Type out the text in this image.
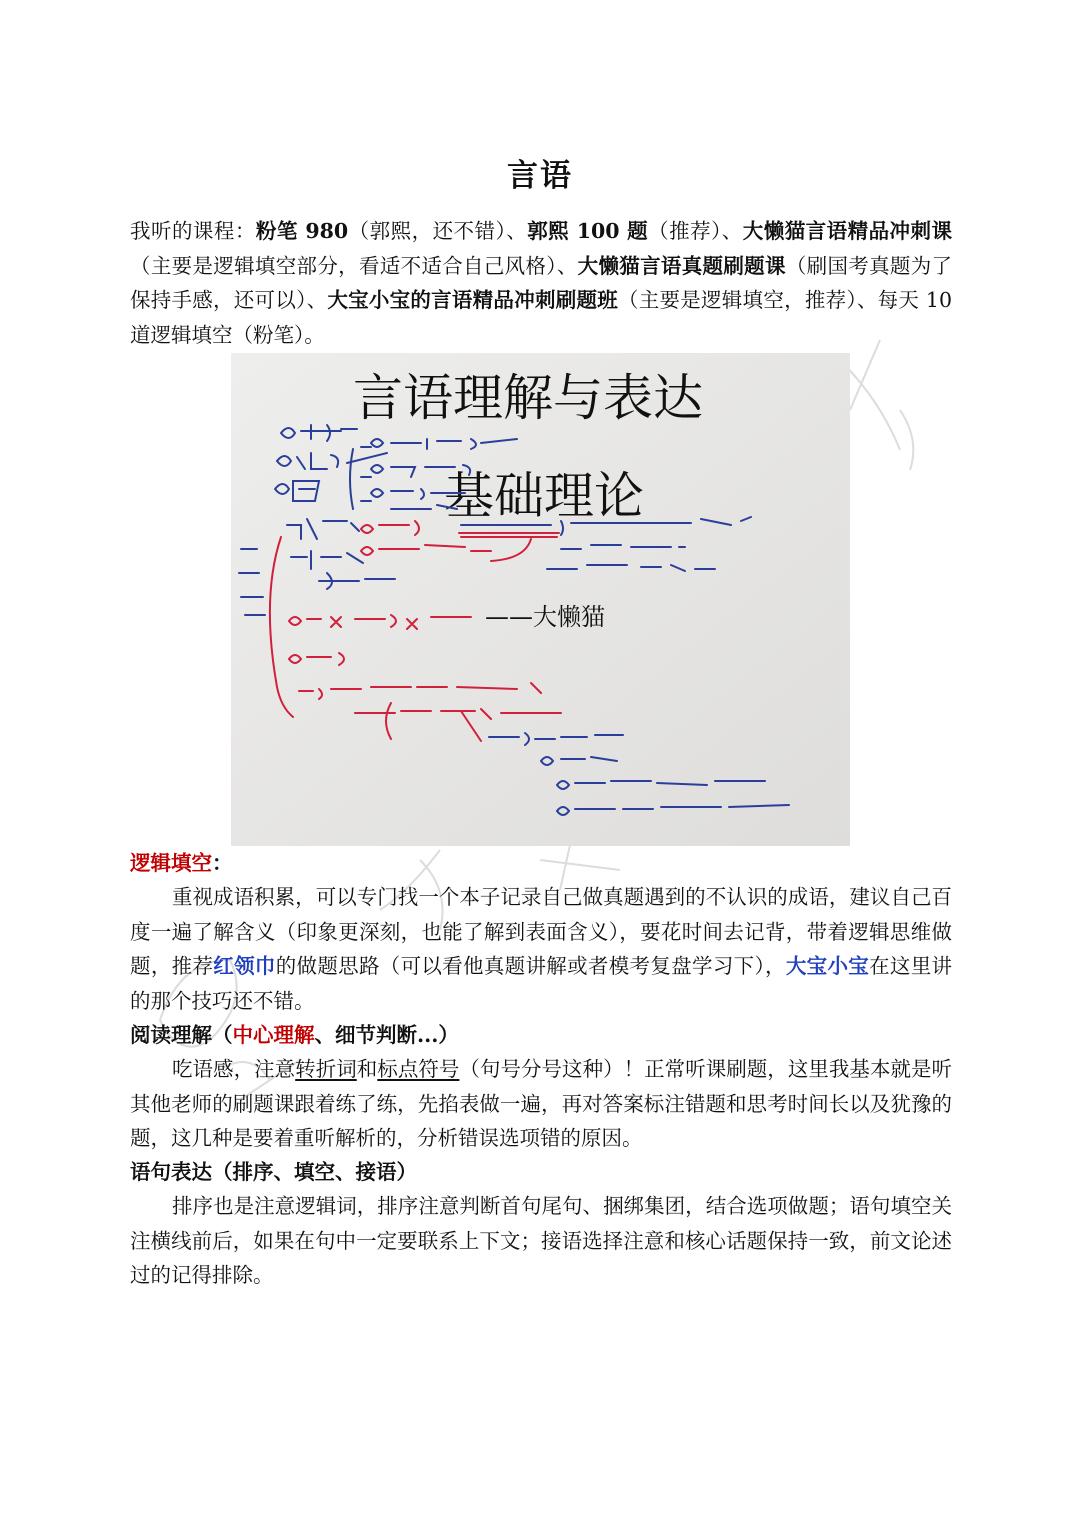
言语
我听的课程：粉笔 980（郭熙，还不错）、郭熙 100 题（推荐）、大懒猫言语精品冲刺课（主要是逻辑填空部分，看适不适合自己风格）、大懒猫言语真题刷题课（刷国考真题为了保持手感，还可以）、大宝小宝的言语精品冲刺刷题班（主要是逻辑填空，推荐）、每天 10 道逻辑填空（粉笔）。
言语理解与表达
基础理论
——大懒猫
逻辑填空：
重视成语积累，可以专门找一个本子记录自己做真题遇到的不认识的成语，建议自己百度一遍了解含义（印象更深刻，也能了解到表面含义），要花时间去记背，带着逻辑思维做题，推荐红领巾的做题思路（可以看他真题讲解或者模考复盘学习下），大宝小宝在这里讲的那个技巧还不错。
阅读理解（中心理解、细节判断...）
吃语感，注意转折词和标点符号（句号分号这种）！正常听课刷题，这里我基本就是听其他老师的刷题课跟着练了练，先掐表做一遍，再对答案标注错题和思考时间长以及犹豫的题，这几种是要着重听解析的，分析错误选项错的原因。
语句表达（排序、填空、接语）
排序也是注意逻辑词，排序注意判断首句尾句、捆绑集团，结合选项做题；语句填空关注横线前后，如果在句中一定要联系上下文；接语选择注意和核心话题保持一致，前文论述过的记得排除。
